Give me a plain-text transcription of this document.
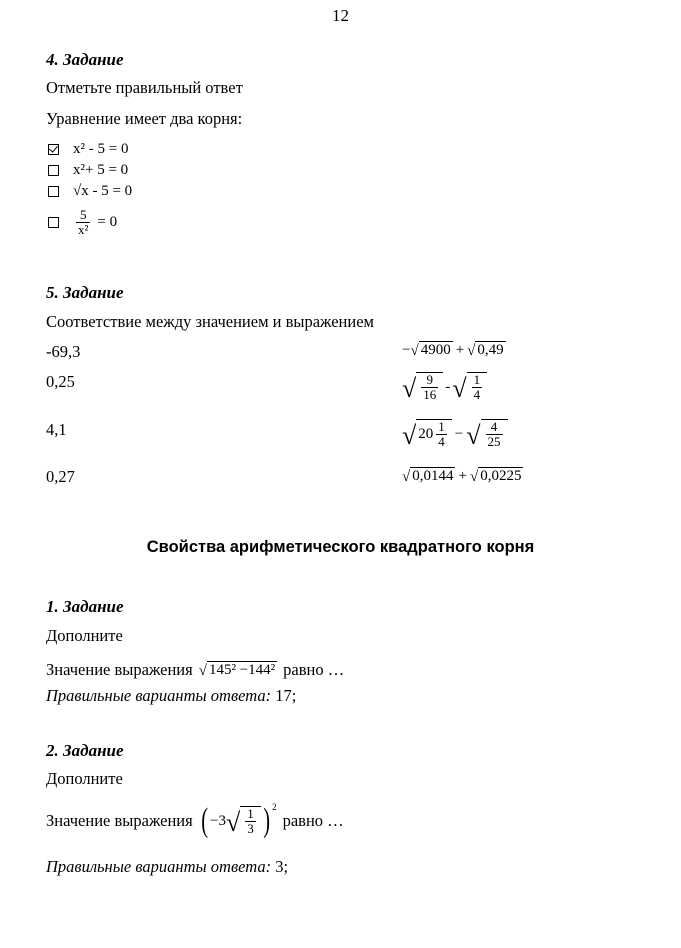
12
4. Задание
Отметьте правильный ответ
Уравнение имеет два корня:
x² - 5 = 0
x²+ 5 = 0
√x - 5 = 0
$\frac{5}{\text{x²}} = 0$
5. Задание
Соответствие между значением и выражением
-69,3
0,25
4,1
0,27
− √ 4900 + √ 0,49
√ $\frac{9}{16}$ - √ $\frac{1}{4}$
√ $20 \frac{1}{4}$ − √ $\frac{4}{25}$
√ 0,0144 + √ 0,0225
Свойства арифметического квадратного корня
1. Задание
Дополните
Значение выражения √ 145² −144² равно …
Правильные варианты ответа: 17;
2. Задание
Дополните
Значение выражения ( −3 √ $\frac{1}{3}$ ) $^2$
равно …
Правильные варианты ответа: 3;
